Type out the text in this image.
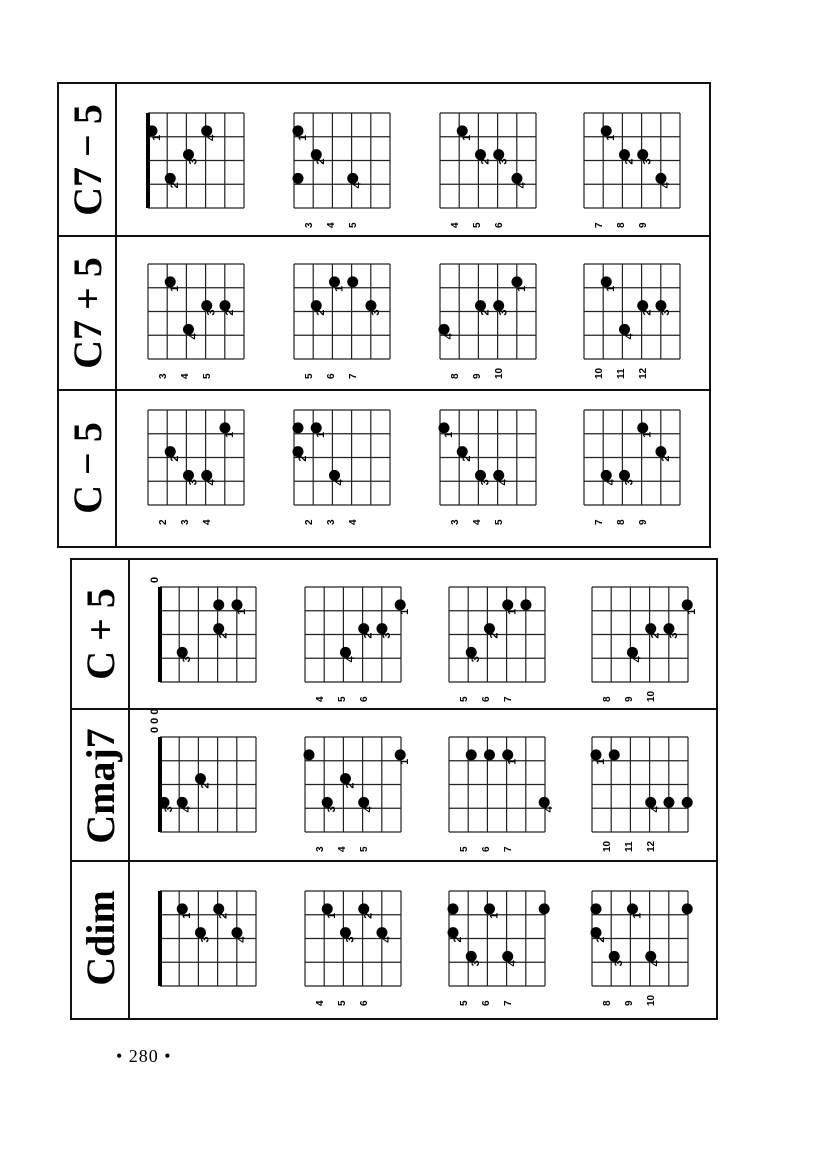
C7 − 5
C7 + 5
C − 5
C + 5
Cmaj7
Cdim
1
3
4
2
1
2
4
3 4 5
1
2 3
4
4 5 6
1
2 3
4
7 8 9
1
2
3
4
3 4 5
1
2	3
5 6 7
1
2 3
4
8 9 10
1
2 3
4
10 11 12
1
2
3 4
2 3 4
1
2
4
2 3 4
1
2
3 4
3 4 5
1
2
3
4
7 8 9
0
1
2
3
1
2 3
4
4 5 6
1
2
3
5 6 7
1
2 3
4
8 9 10
0 0 0
2
3 4
1
2
3 4
3 4 5
1
4
5 6 7
1
4
10 11 12
1 2
3 4
1 2
3 4
4 5 6
1
2
3 4
5 6 7
1
2
3 4
8 9 10
• 280 •
